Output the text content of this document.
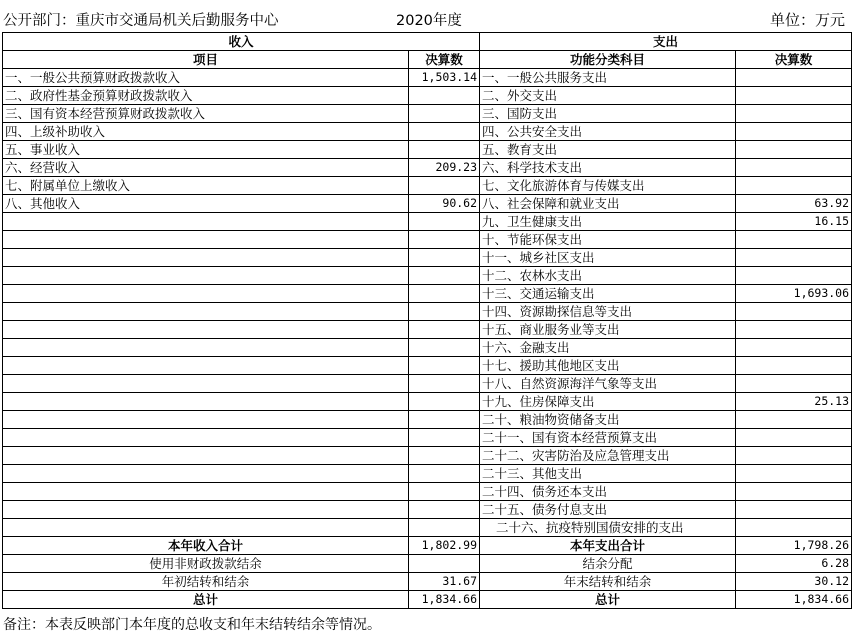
公开部门：重庆市交通局机关后勤服务中心	2020年度	单位：万元
收入		支出	
项目	决算数	功能分类科目	决算数
一、一般公共预算财政拨款收入	1,503.14	一、一般公共服务支出	
二、政府性基金预算财政拨款收入		二、外交支出	
三、国有资本经营预算财政拨款收入		三、国防支出	
四、上级补助收入		四、公共安全支出	
五、事业收入		五、教育支出	
六、经营收入	209.23	六、科学技术支出	
七、附属单位上缴收入		七、文化旅游体育与传媒支出	
八、其他收入	90.62	八、社会保障和就业支出	63.92
		九、卫生健康支出	16.15
		十、节能环保支出	
		十一、城乡社区支出	
		十二、农林水支出	
		十三、交通运输支出	1,693.06
		十四、资源勘探信息等支出	
		十五、商业服务业等支出	
		十六、金融支出	
		十七、援助其他地区支出	
		十八、自然资源海洋气象等支出	
		十九、住房保障支出	25.13
		二十、粮油物资储备支出	
		二十一、国有资本经营预算支出	
		二十二、灾害防治及应急管理支出	
		二十三、其他支出	
		二十四、债务还本支出	
		二十五、债务付息支出	
		二十六、抗疫特别国债安排的支出	
本年收入合计	1,802.99	本年支出合计	1,798.26
使用非财政拨款结余		结余分配	6.28
年初结转和结余	31.67	年末结转和结余	30.12
总计	1,834.66	总计	1,834.66
备注：本表反映部门本年度的总收支和年末结转结余等情况。
